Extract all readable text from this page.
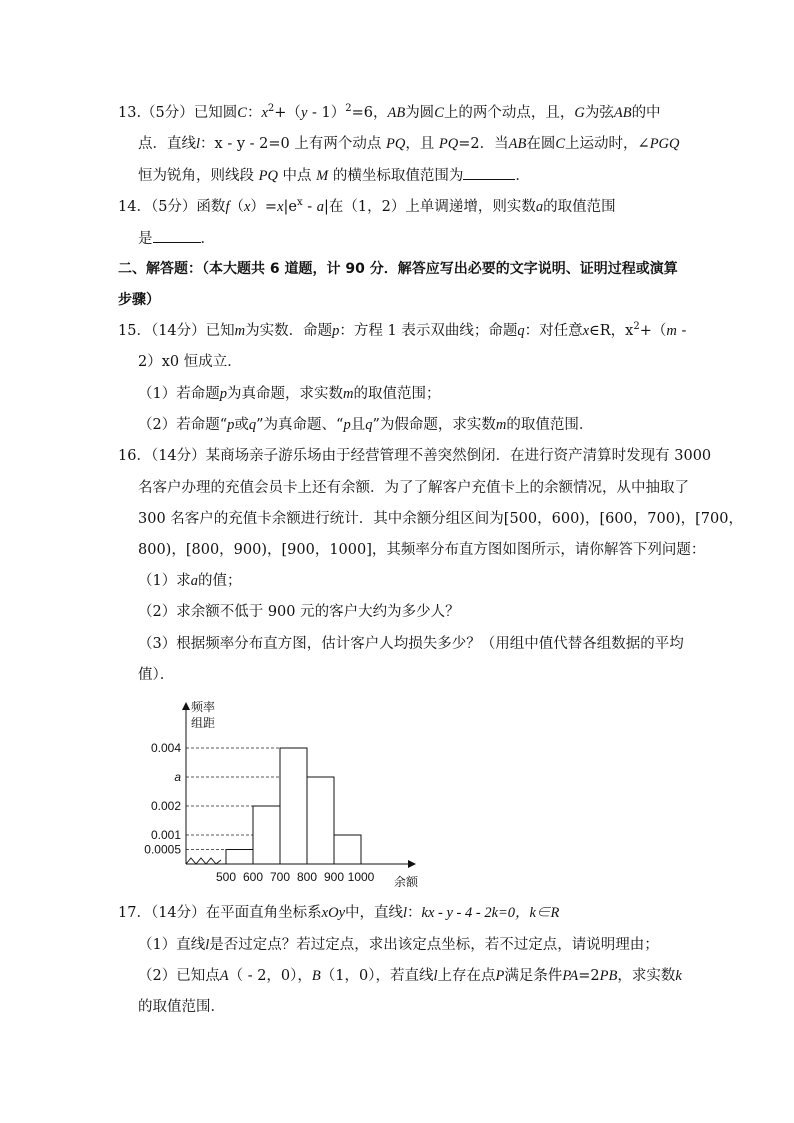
13.（5分）已知圆C：$x^2+(y - 1)^2=6$，AB为圆C上的两个动点，且，G为弦AB的中
点．直线l：x - y - 2=0 上有两个动点 PQ，且 PQ=2．当AB在圆C上运动时，∠PGQ
恒为锐角，则线段 PQ 中点 M 的横坐标取值范围为	．
14．（5分）函数$f(x)=x|e^x - a|$在（1，2）上单调递增，则实数a的取值范围
是	．
二、解答题：（本大题共 6 道题，计 90 分．解答应写出必要的文字说明、证明过程或演算
步骤）
15．（14分）已知m为实数．命题p：方程 1 表示双曲线；命题q：对任意x∈R，$x^2+(m$ -
2）x0 恒成立．
（1）若命题p为真命题，求实数m的取值范围；
（2）若命题“p或q”为真命题、“p且q”为假命题，求实数m的取值范围．
16．（14分）某商场亲子游乐场由于经营管理不善突然倒闭．在进行资产清算时发现有 3000
名客户办理的充值会员卡上还有余额．为了了解客户充值卡上的余额情况，从中抽取了
300 名客户的充值卡余额进行统计．其中余额分组区间为[500，600)，[600，700)，[700，
800)，[800，900)，[900，1000]，其频率分布直方图如图所示，请你解答下列问题：
（1）求a的值；
（2）求余额不低于 900 元的客户大约为多少人？
（3）根据频率分布直方图，估计客户人均损失多少？（用组中值代替各组数据的平均
值）．
0.004
a
0.002
0.001
0.0005
500 600 700 800 900 1000
频率
组距
余额
17．（14分）在平面直角坐标系xOy中，直线l：kx - y - 4 - 2k=0，k∈R
（1）直线l是否过定点？若过定点，求出该定点坐标，若不过定点，请说明理由；
（2）已知点A（ - 2，0），B（1，0），若直线l上存在点P满足条件PA=2PB，求实数k
的取值范围．
